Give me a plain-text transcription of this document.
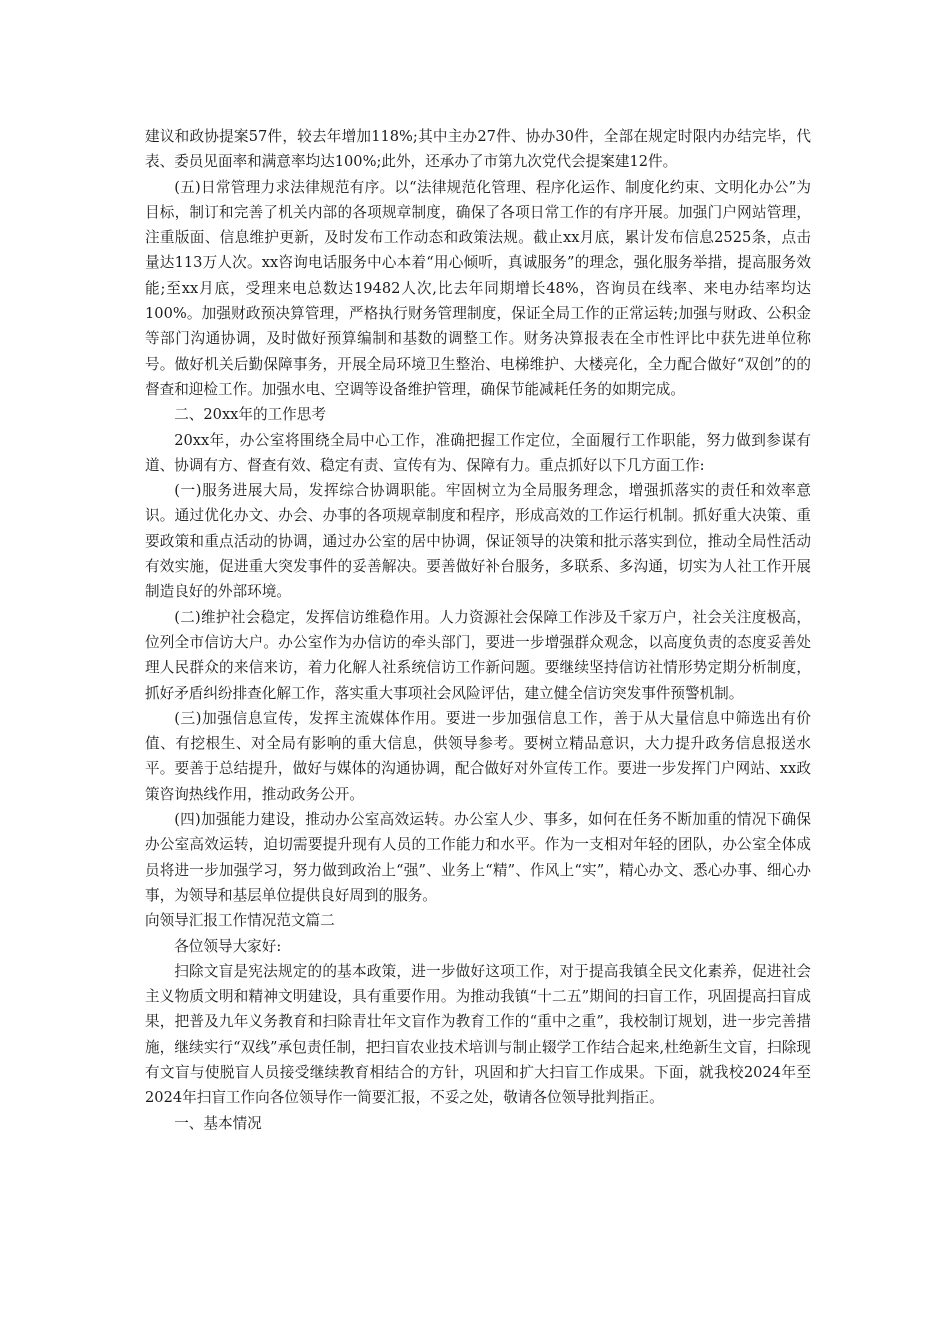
建议和政协提案57件，较去年增加118%;其中主办27件、协办30件，全部在规定时限内办结完毕，代表、委员见面率和满意率均达100%;此外，还承办了市第九次党代会提案建12件。

(五)日常管理力求法律规范有序。以“法律规范化管理、程序化运作、制度化约束、文明化办公”为目标，制订和完善了机关内部的各项规章制度，确保了各项日常工作的有序开展。加强门户网站管理，注重版面、信息维护更新，及时发布工作动态和政策法规。截止xx月底，累计发布信息2525条，点击量达113万人次。xx咨询电话服务中心本着“用心倾听，真诚服务”的理念，强化服务举措，提高服务效能;至xx月底，受理来电总数达19482人次,比去年同期增长48%，咨询员在线率、来电办结率均达100%。加强财政预决算管理，严格执行财务管理制度，保证全局工作的正常运转;加强与财政、公积金等部门沟通协调，及时做好预算编制和基数的调整工作。财务决算报表在全市性评比中获先进单位称号。做好机关后勤保障事务，开展全局环境卫生整治、电梯维护、大楼亮化，全力配合做好“双创”的的督查和迎检工作。加强水电、空调等设备维护管理，确保节能减耗任务的如期完成。

二、20xx年的工作思考

20xx年，办公室将围绕全局中心工作，准确把握工作定位，全面履行工作职能，努力做到参谋有道、协调有方、督查有效、稳定有责、宣传有为、保障有力。重点抓好以下几方面工作:

(一)服务进展大局，发挥综合协调职能。牢固树立为全局服务理念，增强抓落实的责任和效率意识。通过优化办文、办会、办事的各项规章制度和程序，形成高效的工作运行机制。抓好重大决策、重要政策和重点活动的协调，通过办公室的居中协调，保证领导的决策和批示落实到位，推动全局性活动有效实施，促进重大突发事件的妥善解决。要善做好补台服务，多联系、多沟通，切实为人社工作开展制造良好的外部环境。

(二)维护社会稳定，发挥信访维稳作用。人力资源社会保障工作涉及千家万户，社会关注度极高，位列全市信访大户。办公室作为办信访的牵头部门，要进一步增强群众观念，以高度负责的态度妥善处理人民群众的来信来访，着力化解人社系统信访工作新问题。要继续坚持信访社情形势定期分析制度，抓好矛盾纠纷排查化解工作，落实重大事项社会风险评估，建立健全信访突发事件预警机制。

(三)加强信息宣传，发挥主流媒体作用。要进一步加强信息工作，善于从大量信息中筛选出有价值、有挖根生、对全局有影响的重大信息，供领导参考。要树立精品意识，大力提升政务信息报送水平。要善于总结提升，做好与媒体的沟通协调，配合做好对外宣传工作。要进一步发挥门户网站、xx政策咨询热线作用，推动政务公开。

(四)加强能力建设，推动办公室高效运转。办公室人少、事多，如何在任务不断加重的情况下确保办公室高效运转，迫切需要提升现有人员的工作能力和水平。作为一支相对年轻的团队，办公室全体成员将进一步加强学习，努力做到政治上“强”、业务上“精”、作风上“实”，精心办文、悉心办事、细心办事，为领导和基层单位提供良好周到的服务。

向领导汇报工作情况范文篇二

各位领导大家好:

扫除文盲是宪法规定的的基本政策，进一步做好这项工作，对于提高我镇全民文化素养，促进社会主义物质文明和精神文明建设，具有重要作用。为推动我镇“十二五”期间的扫盲工作，巩固提高扫盲成果，把普及九年义务教育和扫除青壮年文盲作为教育工作的“重中之重”，我校制订规划，进一步完善措施，继续实行“双线”承包责任制，把扫盲农业技术培训与制止辍学工作结合起来,杜绝新生文盲，扫除现有文盲与使脱盲人员接受继续教育相结合的方针，巩固和扩大扫盲工作成果。下面，就我校2024年至2024年扫盲工作向各位领导作一简要汇报，不妥之处，敬请各位领导批判指正。

一、基本情况
